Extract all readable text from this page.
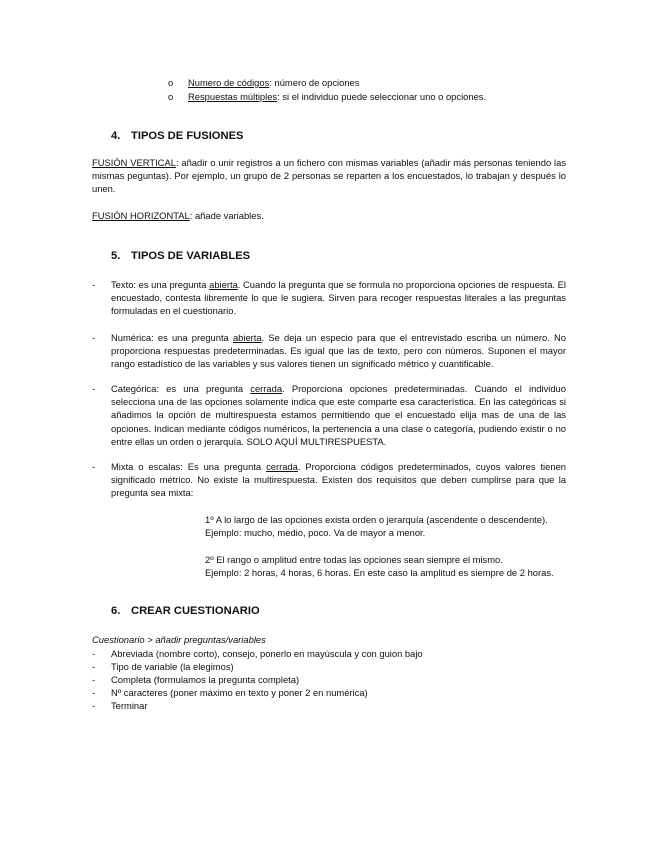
o Numero de códigos: número de opciones
o Respuestas múltiples: si el individuo puede seleccionar uno o opciones.
4. TIPOS DE FUSIONES
FUSIÓN VERTICAL: añadir o unir registros a un fichero con mismas variables (añadir más personas teniendo las mismas peguntas). Por ejemplo, un grupo de 2 personas se reparten a los encuestados, lo trabajan y después lo unen.
FUSIÓN HORIZONTAL: añade variables.
5. TIPOS DE VARIABLES
- Texto: es una pregunta abierta. Cuando la pregunta que se formula no proporciona opciones de respuesta. El encuestado, contesta libremente lo que le sugiera. Sirven para recoger respuestas literales a las preguntas formuladas en el cuestionario.
- Numérica: es una pregunta abierta. Se deja un especio para que el entrevistado escriba un número. No proporciona respuestas predeterminadas. Es igual que las de texto, pero con números. Suponen el mayor rango estadístico de las variables y sus valores tienen un significado métrico y cuantificable.
- Categórica: es una pregunta cerrada. Proporciona opciones predeterminadas. Cuando el individuo selecciona una de las opciones solamente indica que este comparte esa característica. En las categóricas si añadimos la opción de multirespuesta estamos permitiendo que el encuestado elija mas de una de las opciones. Indican mediante códigos numéricos, la pertenencia a una clase o categoría, pudiendo existir o no entre ellas un orden o jerarquía. SOLO AQUÍ MULTIRESPUESTA.
- Mixta o escalas: Es una pregunta cerrada. Proporciona códigos predeterminados, cuyos valores tienen significado métrico. No existe la multirespuesta. Existen dos requisitos que deben cumplirse para que la pregunta sea mixta:
1º A lo largo de las opciones exista orden o jerarquía (ascendente o descendente).
Ejemplo: mucho, medio, poco. Va de mayor a menor.
2º El rango o amplitud entre todas las opciones sean siempre el mismo.
Ejemplo: 2 horas, 4 horas, 6 horas. En este caso la amplitud es siempre de 2 horas.
6. CREAR CUESTIONARIO
Cuestionario > añadir preguntas/variables
- Abreviada (nombre corto), consejo, ponerlo en mayúscula y con guion bajo
- Tipo de variable (la elegimos)
- Completa (formulamos la pregunta completa)
- Nº caracteres (poner máximo en texto y poner 2 en numérica)
- Terminar
